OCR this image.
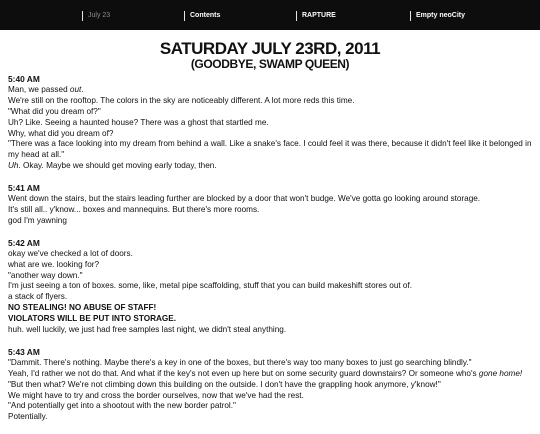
July 23	Contents	RAPTURE	Empty neoCity
SATURDAY JULY 23RD, 2011
(GOODBYE, SWAMP QUEEN)
5:40 AM
Man, we passed out.
We're still on the rooftop. The colors in the sky are noticeably different. A lot more reds this time.
"What did you dream of?"
Uh? Like. Seeing a haunted house? There was a ghost that startled me.
Why, what did you dream of?
"There was a face looking into my dream from behind a wall. Like a snake's face. I could feel it was there, because it didn't feel like it belonged in my head at all."
Uh. Okay. Maybe we should get moving early today, then.
5:41 AM
Went down the stairs, but the stairs leading further are blocked by a door that won't budge. We've gotta go looking around storage.
It's still all.. y'know... boxes and mannequins. But there's more rooms.
god I'm yawning
5:42 AM
okay we've checked a lot of doors.
what are we. looking for?
"another way down."
I'm just seeing a ton of boxes. some, like, metal pipe scaffolding, stuff that you can build makeshift stores out of.
a stack of flyers.
NO STEALING! NO ABUSE OF STAFF!
VIOLATORS WILL BE PUT INTO STORAGE.
huh. well luckily, we just had free samples last night, we didn't steal anything.
5:43 AM
"Dammit. There's nothing. Maybe there's a key in one of the boxes, but there's way too many boxes to just go searching blindly."
Yeah, I'd rather we not do that. And what if the key's not even up here but on some security guard downstairs? Or someone who's gone home!
"But then what? We're not climbing down this building on the outside. I don't have the grappling hook anymore, y'know!"
We might have to try and cross the border ourselves, now that we've had the rest.
"And potentially get into a shootout with the new border patrol."
Potentially.
